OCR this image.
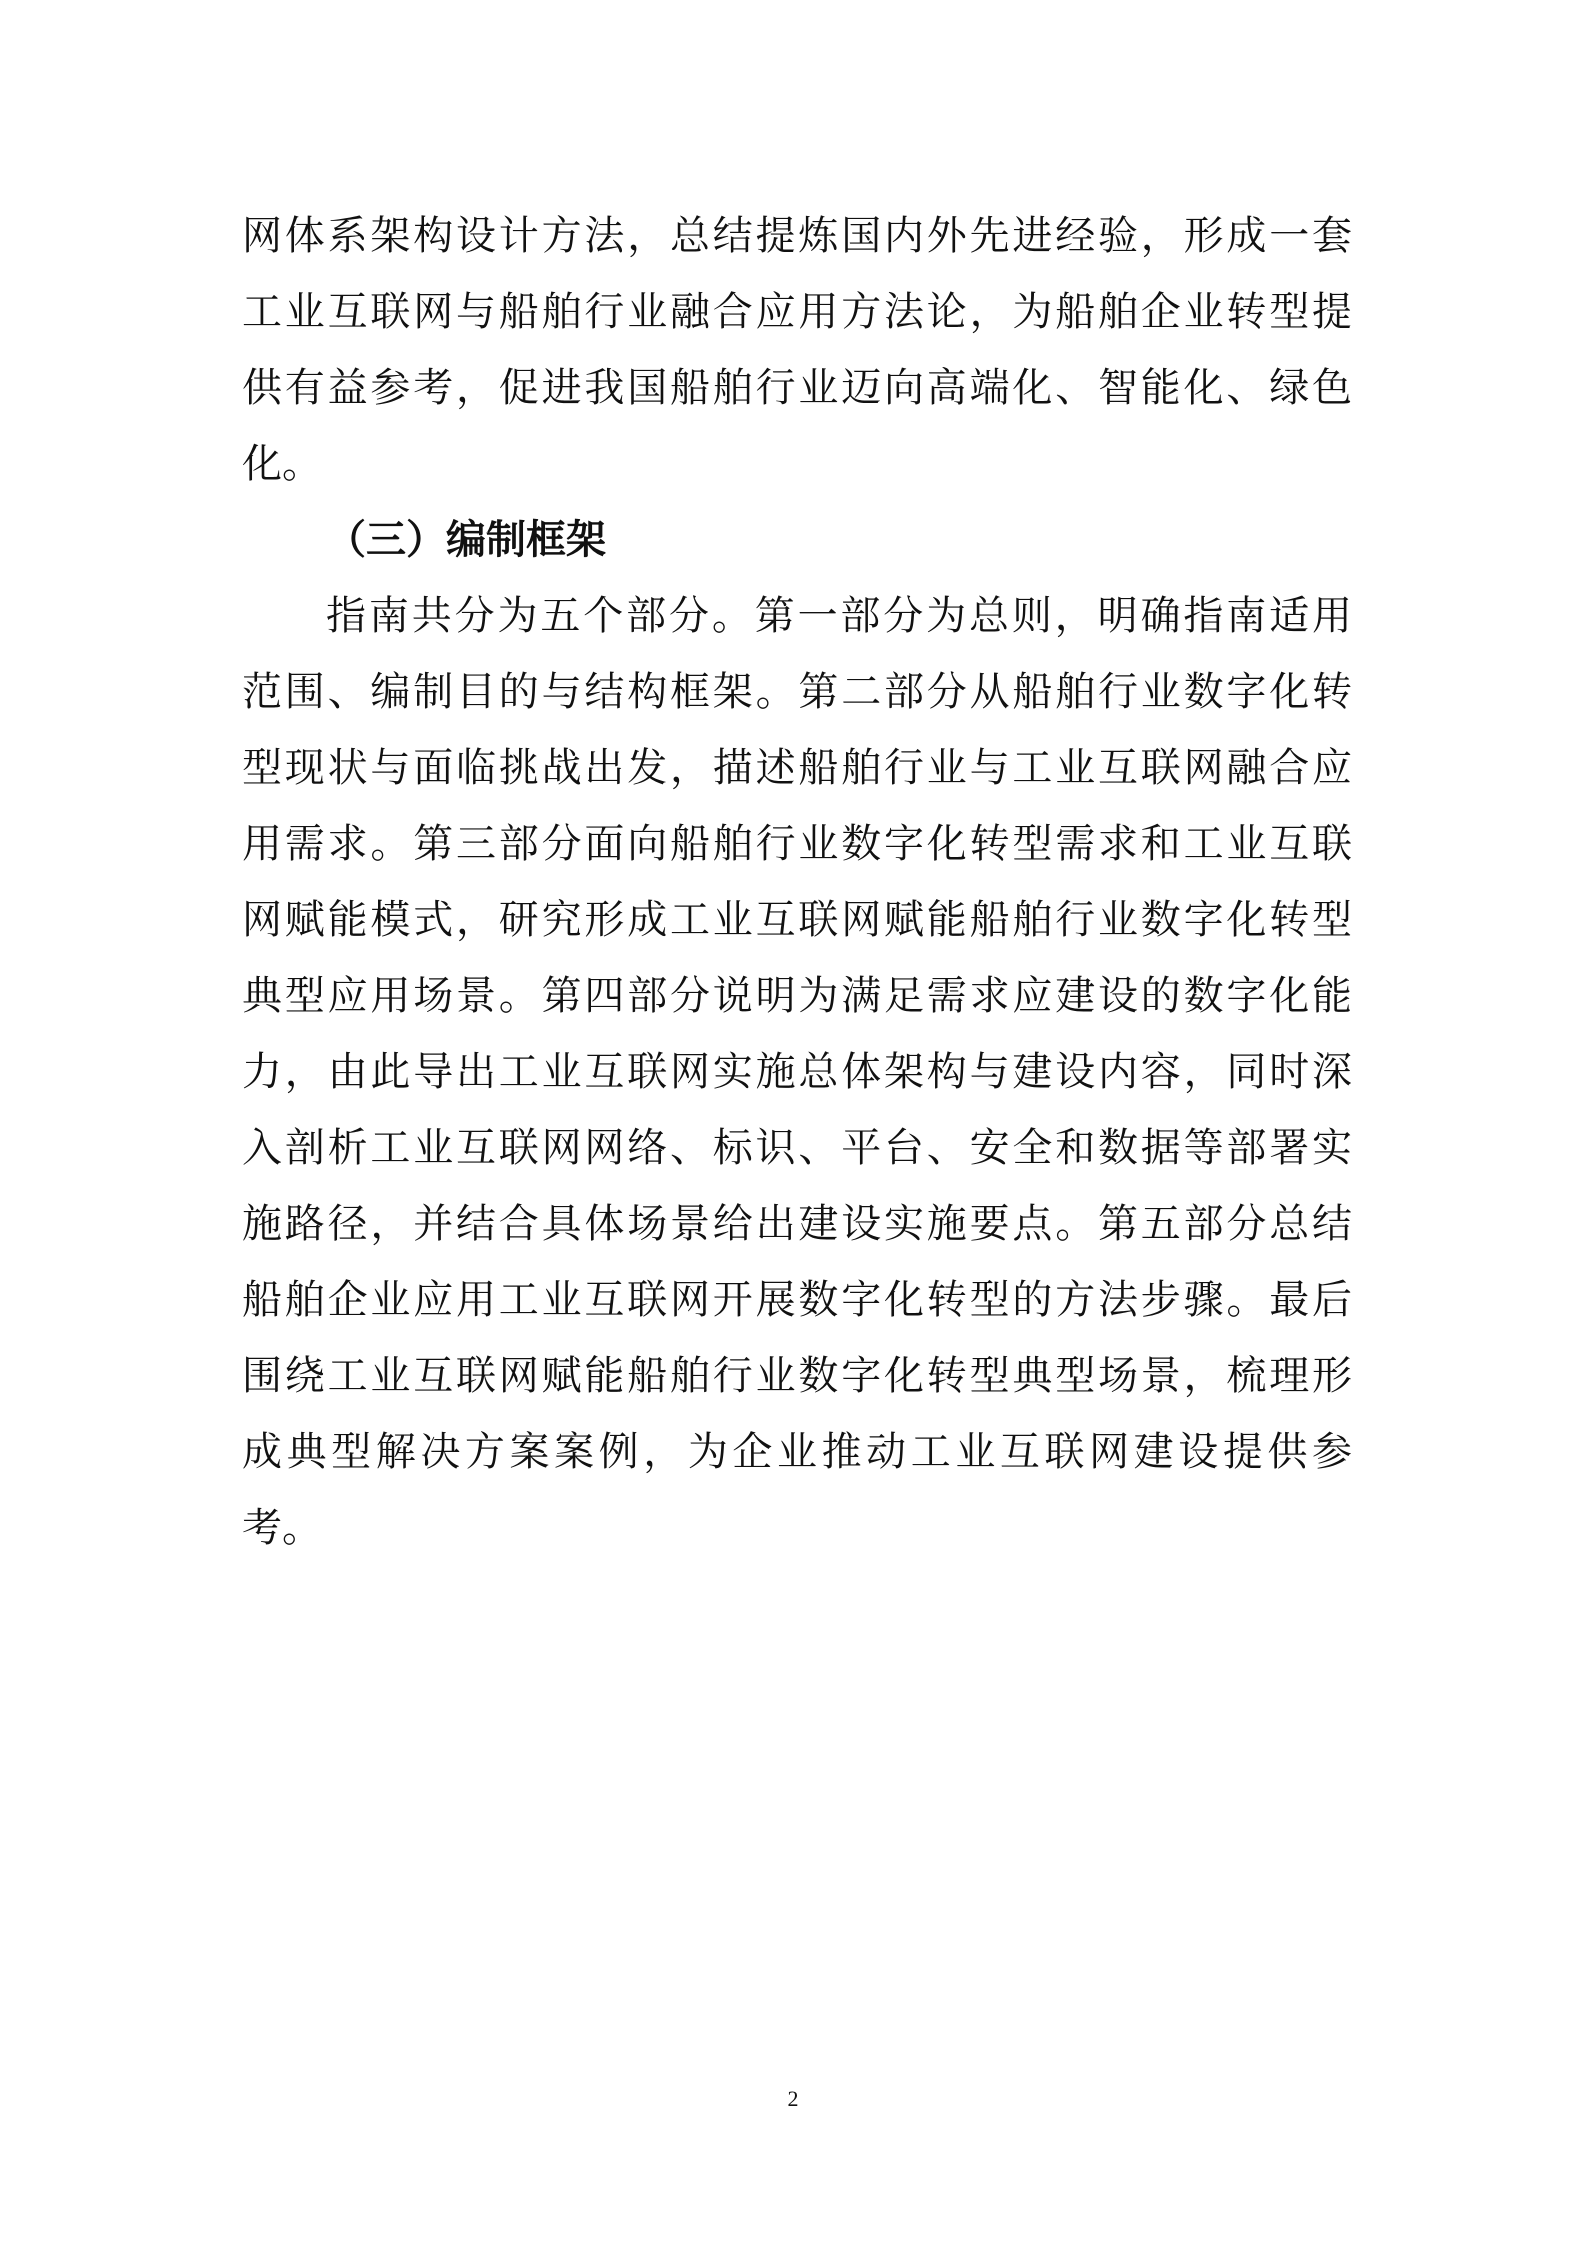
网体系架构设计方法，总结提炼国内外先进经验，形成一套
工业互联网与船舶行业融合应用方法论，为船舶企业转型提
供有益参考，促进我国船舶行业迈向高端化、智能化、绿色
化。
（三）编制框架
指南共分为五个部分。第一部分为总则，明确指南适用
范围、编制目的与结构框架。第二部分从船舶行业数字化转
型现状与面临挑战出发，描述船舶行业与工业互联网融合应
用需求。第三部分面向船舶行业数字化转型需求和工业互联
网赋能模式，研究形成工业互联网赋能船舶行业数字化转型
典型应用场景。第四部分说明为满足需求应建设的数字化能
力，由此导出工业互联网实施总体架构与建设内容，同时深
入剖析工业互联网网络、标识、平台、安全和数据等部署实
施路径，并结合具体场景给出建设实施要点。第五部分总结
船舶企业应用工业互联网开展数字化转型的方法步骤。最后
围绕工业互联网赋能船舶行业数字化转型典型场景，梳理形
成典型解决方案案例，为企业推动工业互联网建设提供参
考。
2
